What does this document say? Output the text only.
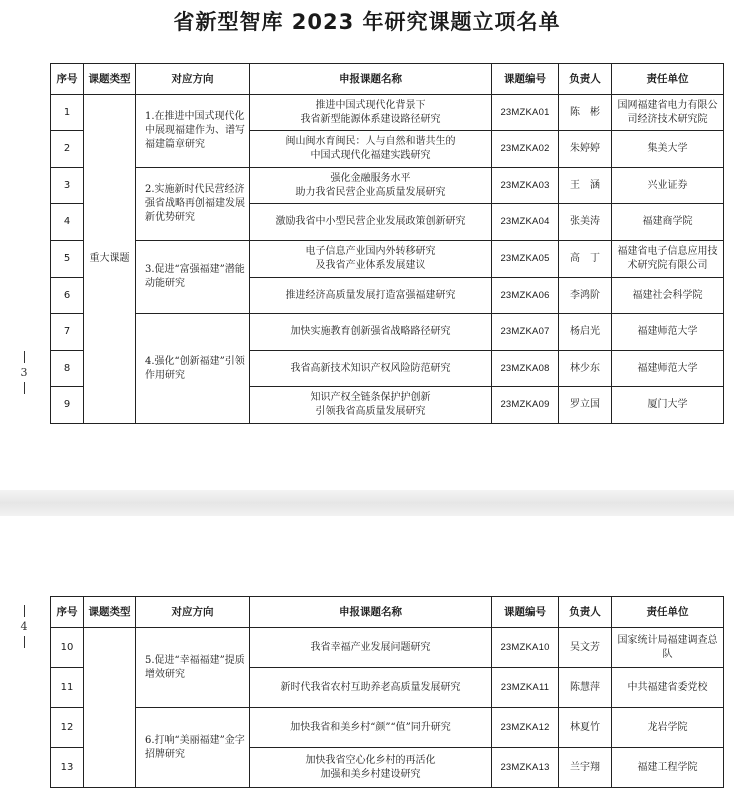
省新型智库 2023 年研究课题立项名单
3
序号	课题类型	对应方向	申报课题名称	课题编号	负责人	责任单位
1	重大课题	1.在推进中国式现代化中展现福建作为、谱写福建篇章研究	推进中国式现代化背景下
我省新型能源体系建设路径研究	23MZKA01	陈　彬	国网福建省电力有限公司经济技术研究院
2			闽山闽水育闽民：人与自然和谐共生的
中国式现代化福建实践研究	23MZKA02	朱婷婷	集美大学
3		2.实施新时代民营经济强省战略再创福建发展新优势研究	强化金融服务水平
助力我省民营企业高质量发展研究	23MZKA03	王　涵	兴业证券
4			激励我省中小型民营企业发展政策创新研究	23MZKA04	张美涛	福建商学院
5		3.促进“富强福建”潜能动能研究	电子信息产业国内外转移研究
及我省产业体系发展建议	23MZKA05	高　丁	福建省电子信息应用技术研究院有限公司
6			推进经济高质量发展打造富强福建研究	23MZKA06	李鸿阶	福建社会科学院
7		4.强化“创新福建”引领作用研究	加快实施教育创新强省战略路径研究	23MZKA07	杨启光	福建师范大学
8			我省高新技术知识产权风险防范研究	23MZKA08	林少东	福建师范大学
9			知识产权全链条保护护创新
引领我省高质量发展研究	23MZKA09	罗立国	厦门大学
4
序号	课题类型	对应方向	申报课题名称	课题编号	负责人	责任单位
10		5.促进“幸福福建”提质增效研究	我省幸福产业发展问题研究	23MZKA10	吴文芳	国家统计局福建调查总队
11			新时代我省农村互助养老高质量发展研究	23MZKA11	陈慧萍	中共福建省委党校
12		6.打响“美丽福建”金字招牌研究	加快我省和美乡村“颜”“值”同升研究	23MZKA12	林夏竹	龙岩学院
13			加快我省空心化乡村的再活化
加强和美乡村建设研究	23MZKA13	兰宇翔	福建工程学院
